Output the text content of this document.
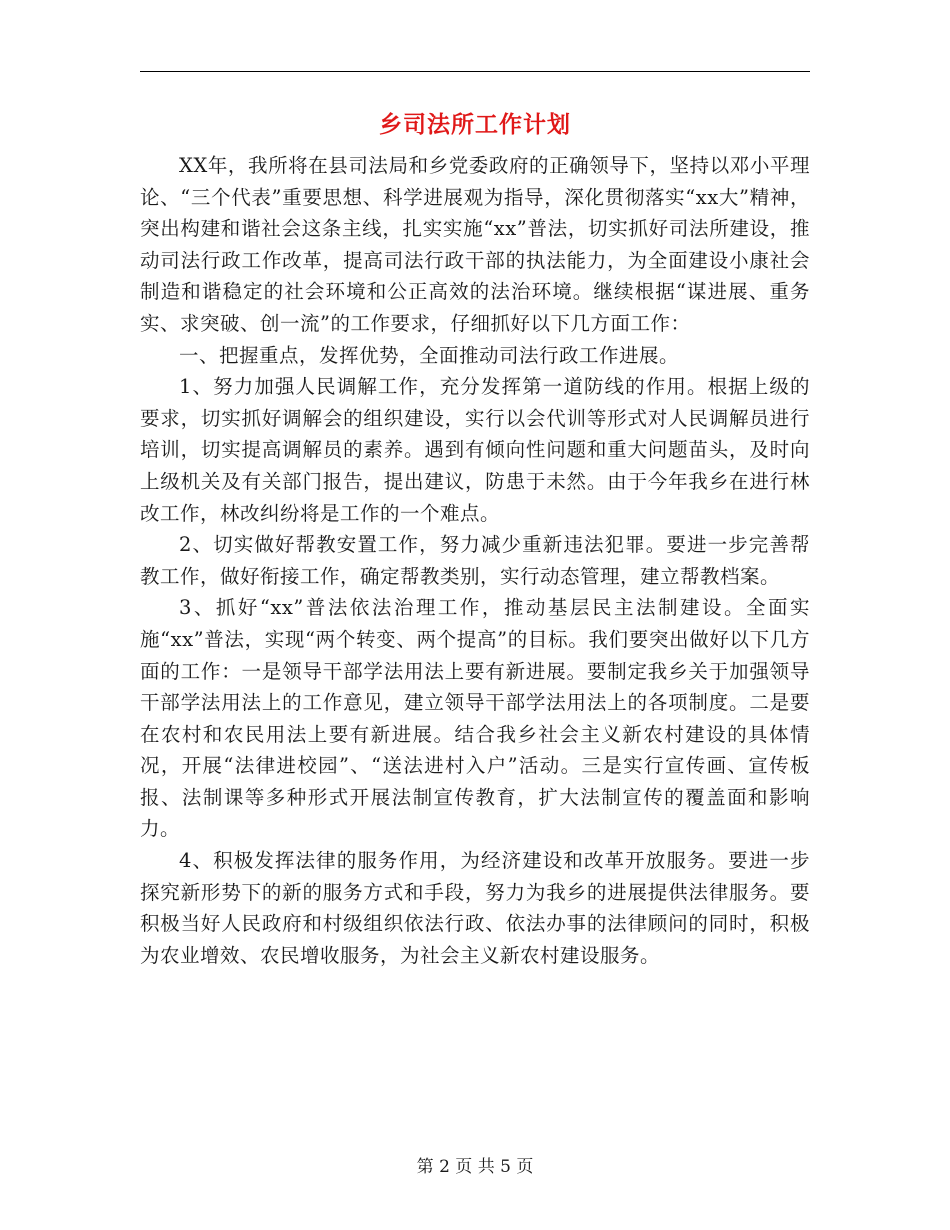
乡司法所工作计划

XX年，我所将在县司法局和乡党委政府的正确领导下，坚持以邓小平理论、“三个代表”重要思想、科学进展观为指导，深化贯彻落实“xx大”精神，突出构建和谐社会这条主线，扎实实施“xx”普法，切实抓好司法所建设，推动司法行政工作改革，提高司法行政干部的执法能力，为全面建设小康社会制造和谐稳定的社会环境和公正高效的法治环境。继续根据“谋进展、重务实、求突破、创一流”的工作要求，仔细抓好以下几方面工作：

一、把握重点，发挥优势，全面推动司法行政工作进展。

1、努力加强人民调解工作，充分发挥第一道防线的作用。根据上级的要求，切实抓好调解会的组织建设，实行以会代训等形式对人民调解员进行培训，切实提高调解员的素养。遇到有倾向性问题和重大问题苗头，及时向上级机关及有关部门报告，提出建议，防患于未然。由于今年我乡在进行林改工作，林改纠纷将是工作的一个难点。

2、切实做好帮教安置工作，努力减少重新违法犯罪。要进一步完善帮教工作，做好衔接工作，确定帮教类别，实行动态管理，建立帮教档案。

3、抓好“xx”普法依法治理工作，推动基层民主法制建设。全面实施“xx”普法，实现“两个转变、两个提高”的目标。我们要突出做好以下几方面的工作：一是领导干部学法用法上要有新进展。要制定我乡关于加强领导干部学法用法上的工作意见，建立领导干部学法用法上的各项制度。二是要在农村和农民用法上要有新进展。结合我乡社会主义新农村建设的具体情况，开展“法律进校园”、“送法进村入户”活动。三是实行宣传画、宣传板报、法制课等多种形式开展法制宣传教育，扩大法制宣传的覆盖面和影响力。

4、积极发挥法律的服务作用，为经济建设和改革开放服务。要进一步探究新形势下的新的服务方式和手段，努力为我乡的进展提供法律服务。要积极当好人民政府和村级组织依法行政、依法办事的法律顾问的同时，积极为农业增效、农民增收服务，为社会主义新农村建设服务。

第 2 页 共 5 页
